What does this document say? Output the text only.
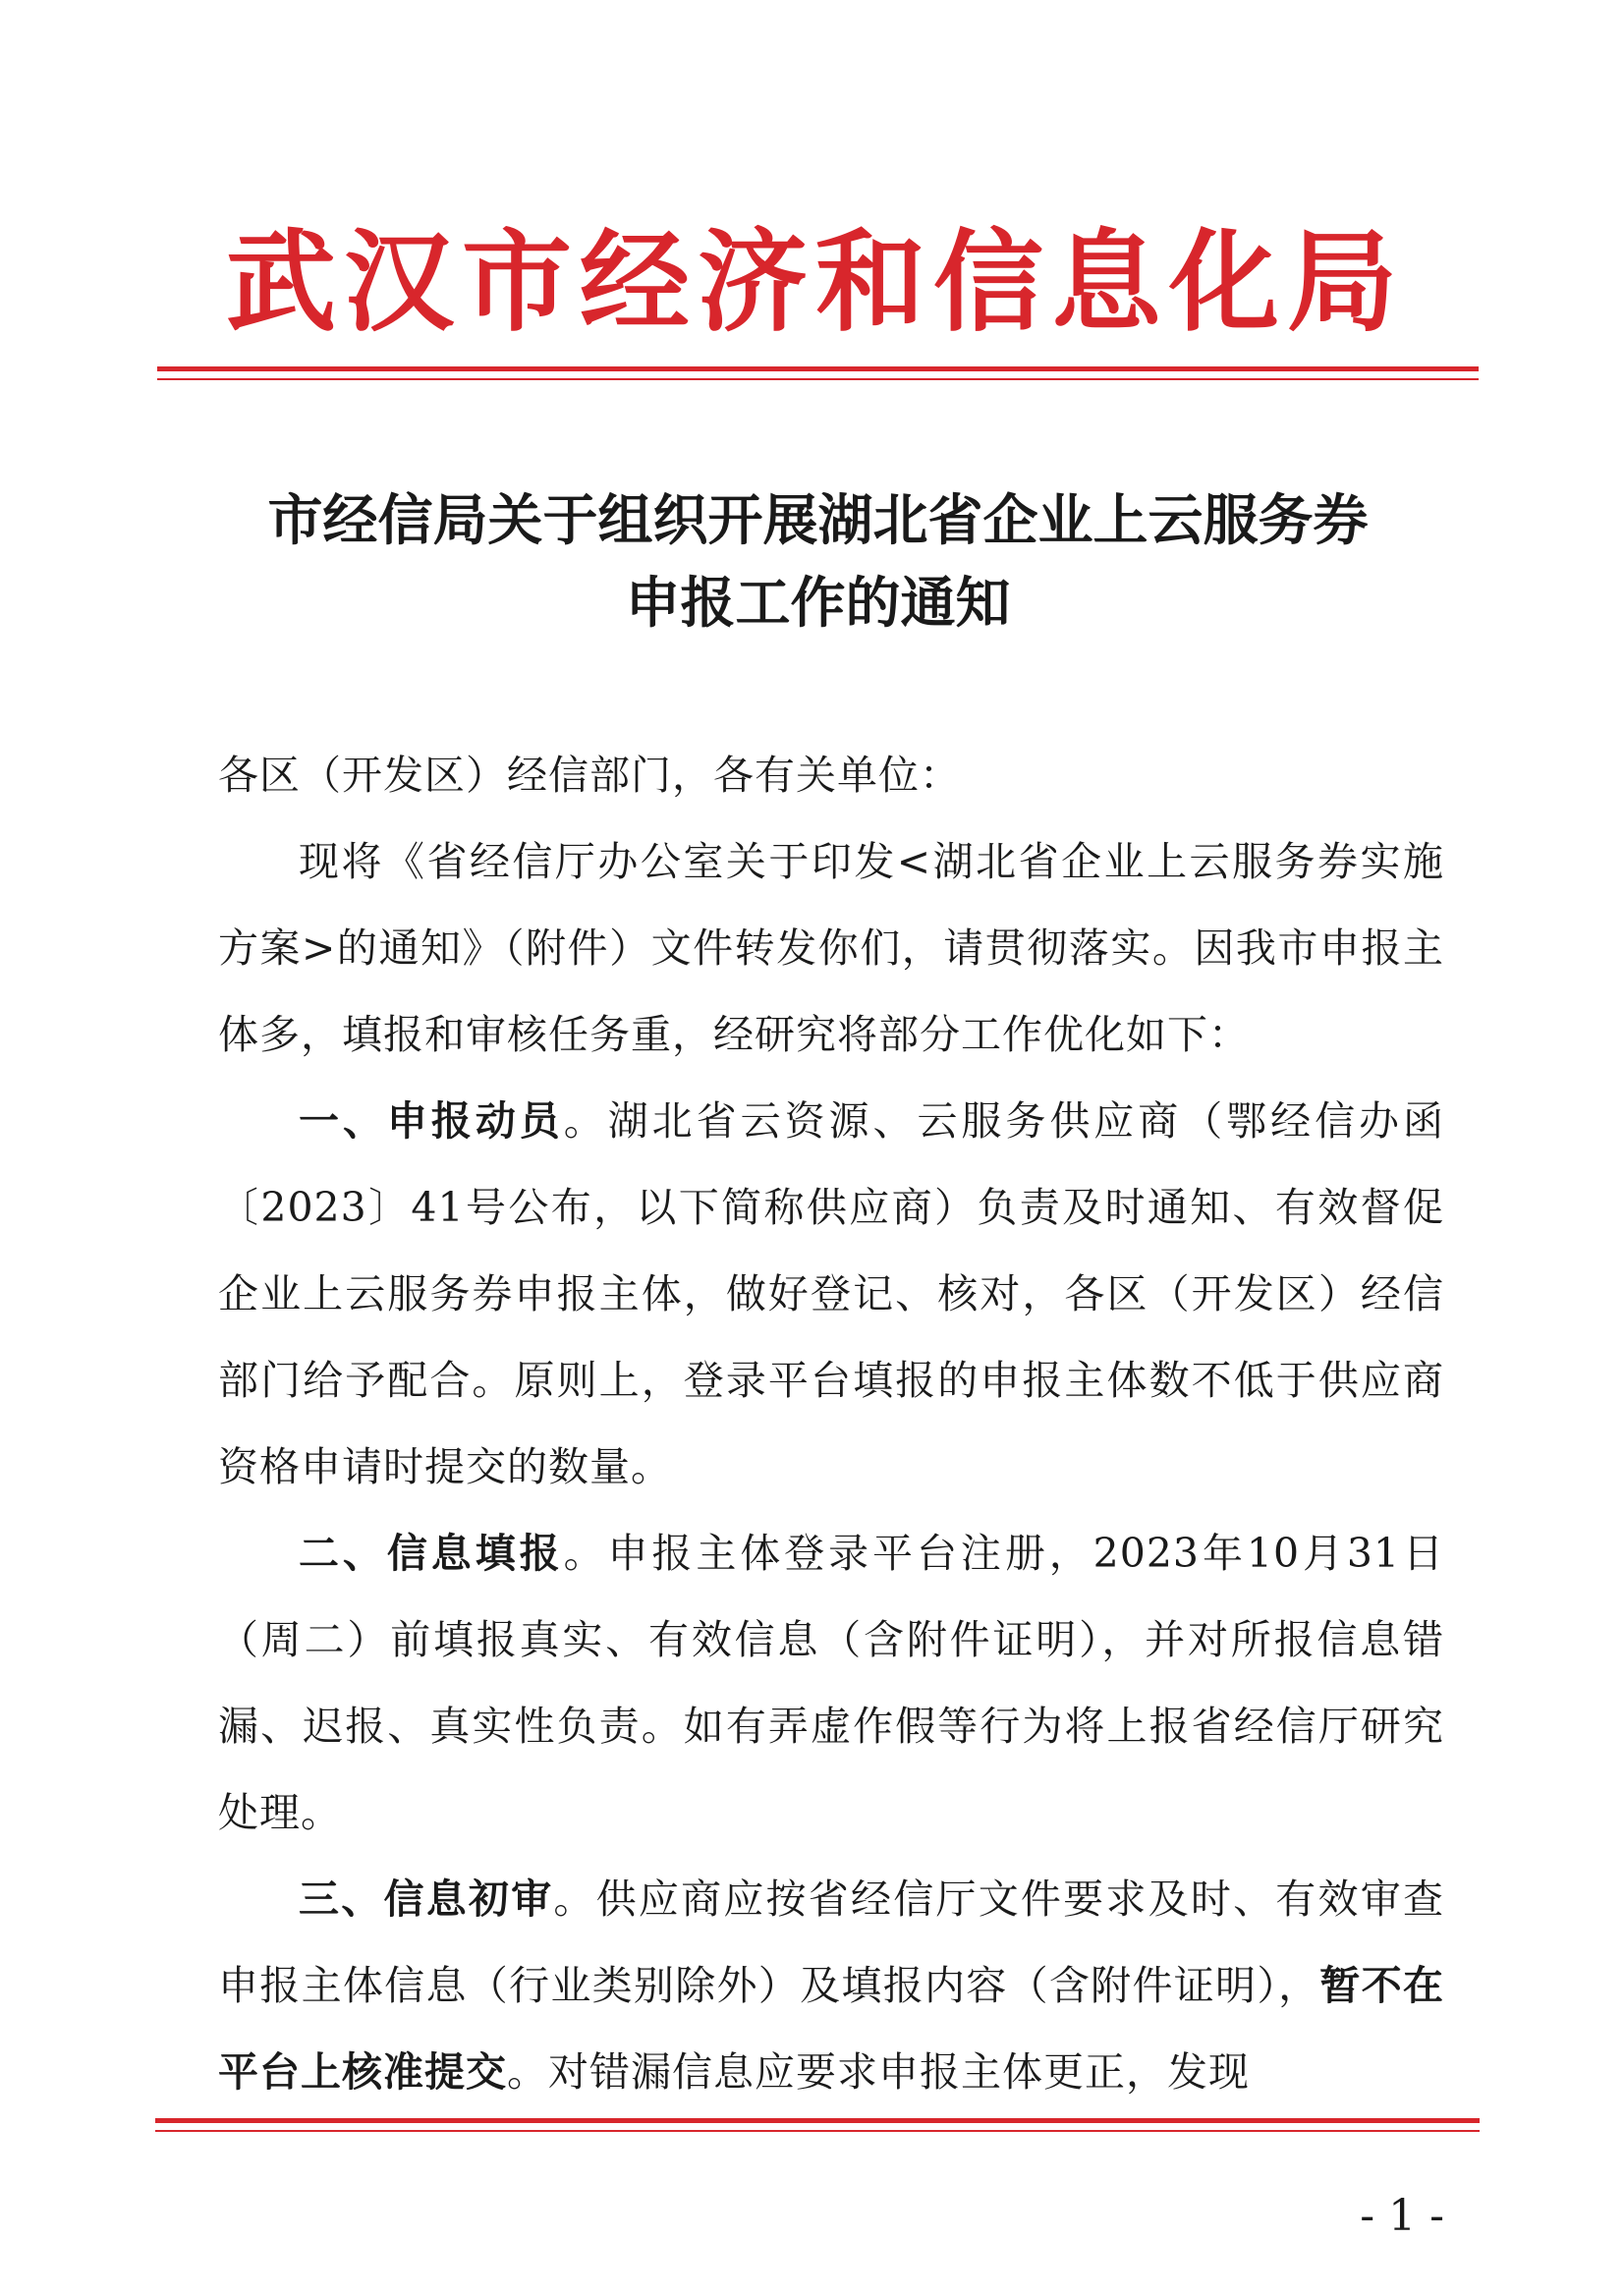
武汉市经济和信息化局
市经信局关于组织开展湖北省企业上云服务券
申报工作的通知

各区（开发区）经信部门，各有关单位：

现将《省经信厅办公室关于印发<湖北省企业上云服务券实施方案>的通知》（附件）文件转发你们，请贯彻落实。因我市申报主体多，填报和审核任务重，经研究将部分工作优化如下：

一、申报动员。湖北省云资源、云服务供应商（鄂经信办函〔2023〕41号公布，以下简称供应商）负责及时通知、有效督促企业上云服务券申报主体，做好登记、核对，各区（开发区）经信部门给予配合。原则上，登录平台填报的申报主体数不低于供应商资格申请时提交的数量。

二、信息填报。申报主体登录平台注册，2023年10月31日（周二）前填报真实、有效信息（含附件证明），并对所报信息错漏、迟报、真实性负责。如有弄虚作假等行为将上报省经信厅研究处理。

三、信息初审。供应商应按省经信厅文件要求及时、有效审查申报主体信息（行业类别除外）及填报内容（含附件证明），暂不在平台上核准提交。对错漏信息应要求申报主体更正，发现

- 1 -
